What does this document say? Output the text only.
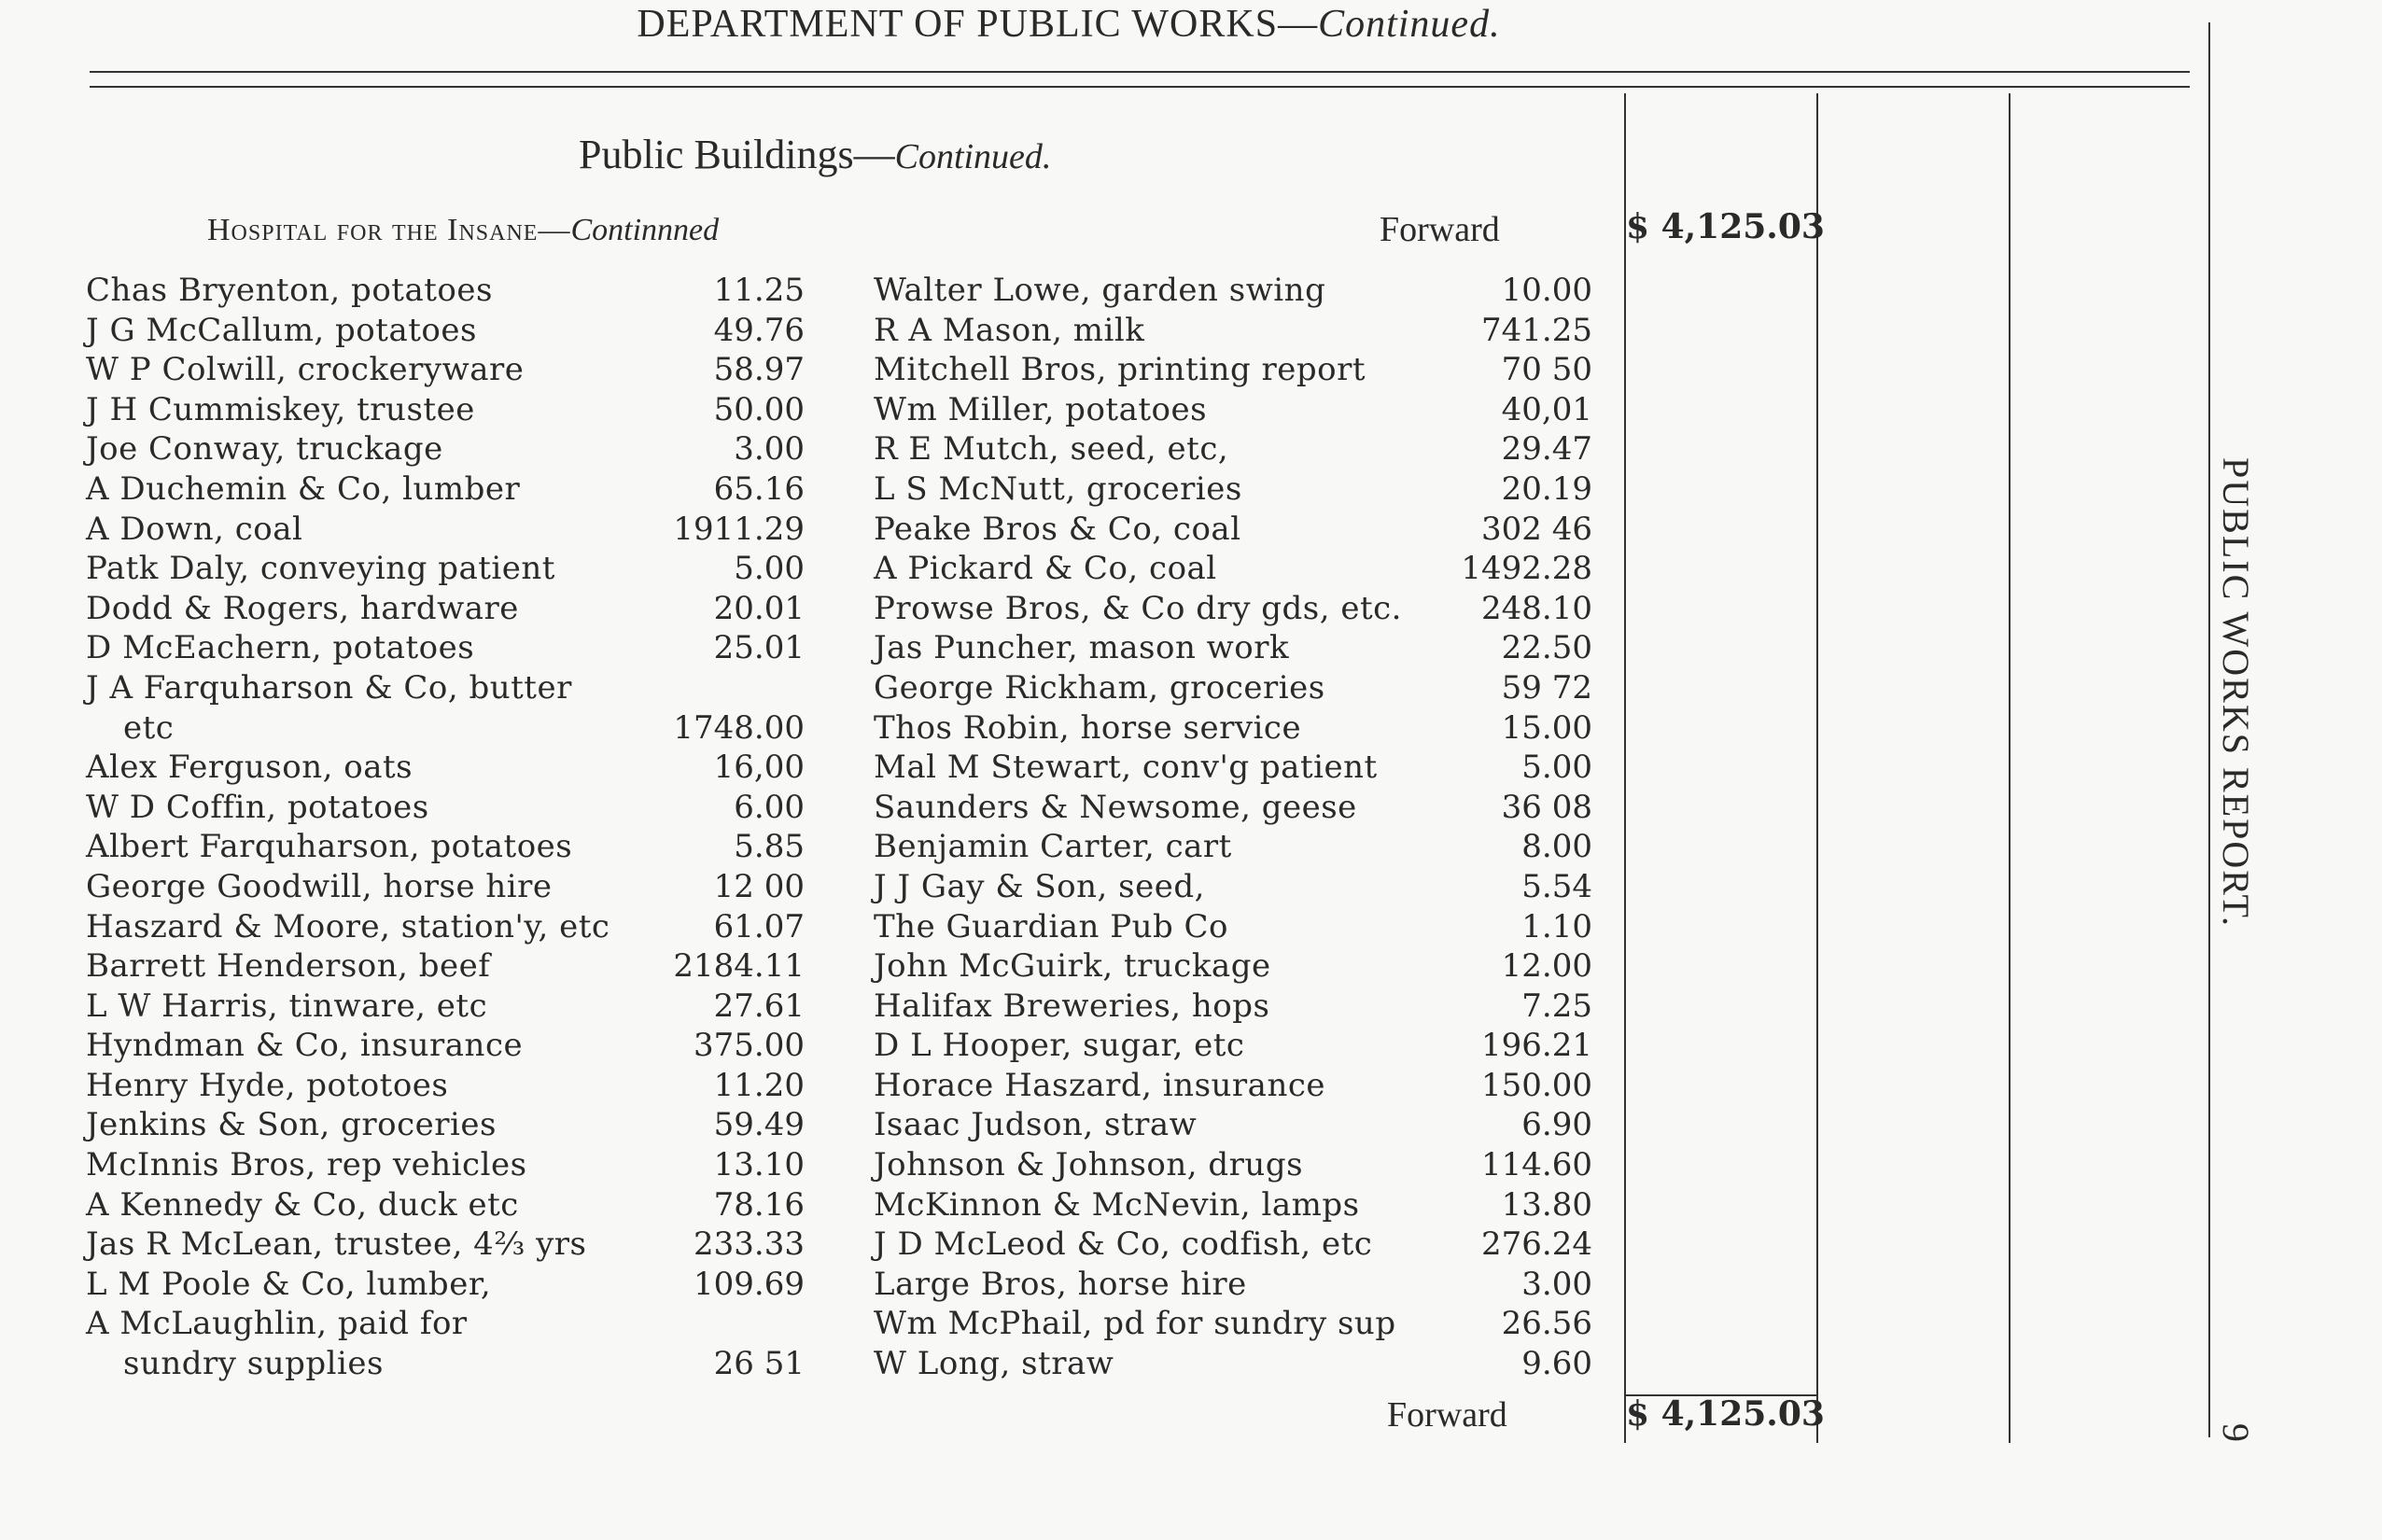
DEPARTMENT OF PUBLIC WORKS—Continued.
Public Buildings—Continued.
Hospital for the Insane—Continnned	Forward	$ 4,125.03
Chas Bryenton, potatoes	11.25
J G McCallum, potatoes	49.76
W P Colwill, crockeryware	58.97
J H Cummiskey, trustee	50.00
Joe Conway, truckage	3.00
A Duchemin & Co, lumber	65.16
A Down, coal	1911.29
Patk Daly, conveying patient	5.00
Dodd & Rogers, hardware	20.01
D McEachern, potatoes	25.01
J A Farquharson & Co, butter
etc	1748.00
Alex Ferguson, oats	16,00
W D Coffin, potatoes	6.00
Albert Farquharson, potatoes	5.85
George Goodwill, horse hire	12 00
Haszard & Moore, station'y, etc	61.07
Barrett Henderson, beef	2184.11
L W Harris, tinware, etc	27.61
Hyndman & Co, insurance	375.00
Henry Hyde, pototoes	11.20
Jenkins & Son, groceries	59.49
McInnis Bros, rep vehicles	13.10
A Kennedy & Co, duck etc	78.16
Jas R McLean, trustee, 4⅔ yrs	233.33
L M Poole & Co, lumber,	109.69
A McLaughlin, paid for
sundry supplies	26 51
Walter Lowe, garden swing	10.00
R A Mason, milk	741.25
Mitchell Bros, printing report	70 50
Wm Miller, potatoes	40,01
R E Mutch, seed, etc,	29.47
L S McNutt, groceries	20.19
Peake Bros & Co, coal	302 46
A Pickard & Co, coal	1492.28
Prowse Bros, & Co dry gds, etc.	248.10
Jas Puncher, mason work	22.50
George Rickham, groceries	59 72
Thos Robin, horse service	15.00
Mal M Stewart, conv'g patient	5.00
Saunders & Newsome, geese	36 08
Benjamin Carter, cart	8.00
J J Gay & Son, seed,	5.54
The Guardian Pub Co	1.10
John McGuirk, truckage	12.00
Halifax Breweries, hops	7.25
D L Hooper, sugar, etc	196.21
Horace Haszard, insurance	150.00
Isaac Judson, straw	6.90
Johnson & Johnson, drugs	114.60
McKinnon & McNevin, lamps	13.80
J D McLeod & Co, codfish, etc	276.24
Large Bros, horse hire	3.00
Wm McPhail, pd for sundry sup	26.56
W Long, straw	9.60
Forward	$ 4,125.03
PUBLIC WORKS REPORT.
9
